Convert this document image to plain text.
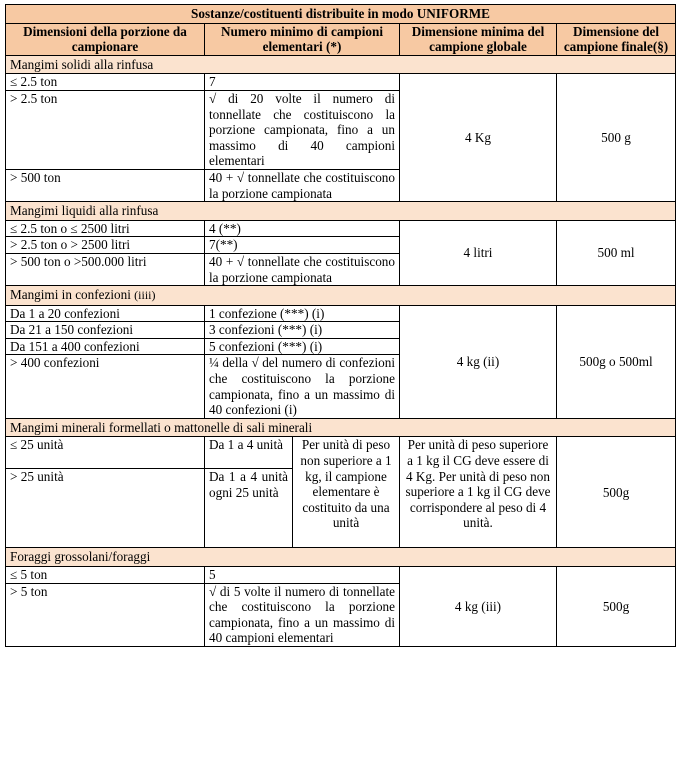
Sostanze/costituenti distribuite in modo UNIFORME				
Dimensioni della porzione da campionare	Numero minimo di campioni elementari (*)		Dimensione minima del campione globale	Dimensione del campione finale(§)
Mangimi solidi alla rinfusa				
≤ 2.5 ton	7		4 Kg	500 g
> 2.5 ton	√ di 20 volte il numero di tonnellate che costituiscono la porzione campionata, fino a un massimo di 40 campioni elementari			
> 500 ton	40 + √ tonnellate che costituiscono la porzione campionata			
Mangimi liquidi alla rinfusa				
≤ 2.5 ton o ≤ 2500 litri	4 (**)		4 litri	500 ml
> 2.5 ton o > 2500 litri	7(**)			
> 500 ton o >500.000 litri	40 + √ tonnellate che costituiscono la porzione campionata			
Mangimi in confezioni (iiii)				
Da 1 a 20 confezioni	1 confezione (***) (i)		4 kg (ii)	500g o 500ml
Da 21 a 150 confezioni	3 confezioni (***) (i)			
Da 151 a 400 confezioni	5 confezioni (***) (i)			
> 400 confezioni	¼ della √ del numero di confezioni che costituiscono la porzione campionata, fino a un massimo di 40 confezioni (i)			
Mangimi minerali formellati o mattonelle di sali minerali				
≤ 25 unità	Da 1 a 4 unità	Per unità di peso non superiore a 1 kg, il campione elementare è costituito da una unità	Per unità di peso superiore a 1 kg il CG deve essere di 4 Kg. Per unità di peso non superiore a 1 kg il CG deve corrispondere al peso di 4 unità.	500g
> 25 unità	Da 1 a 4 unità ogni 25 unità			
Foraggi grossolani/foraggi				
≤ 5 ton	5		4 kg (iii)	500g
> 5 ton	√ di 5 volte il numero di tonnellate che costituiscono la porzione campionata, fino a un massimo di 40 campioni elementari			
